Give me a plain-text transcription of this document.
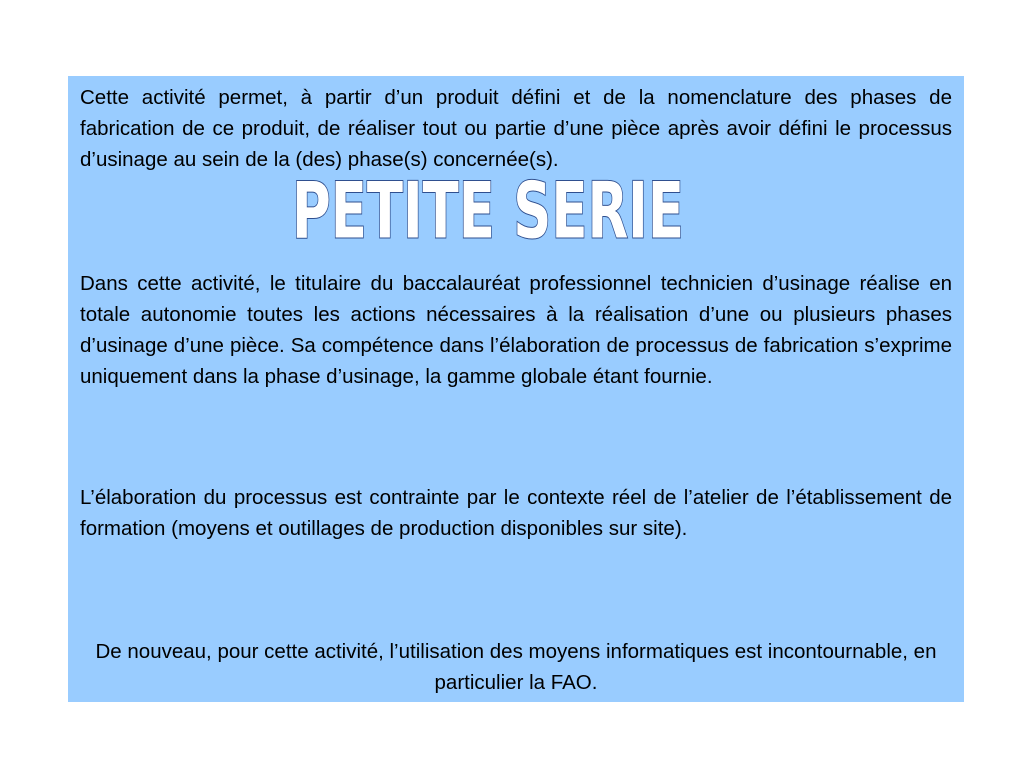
Cette activité permet, à partir d’un produit défini et de la nomenclature des phases de fabrication de ce produit, de réaliser tout ou partie d’une pièce après avoir défini le processus d’usinage au sein de la (des) phase(s) concernée(s).

Dans cette activité, le titulaire du baccalauréat professionnel technicien d’usinage réalise en totale autonomie toutes les actions nécessaires à la réalisation d’une ou plusieurs phases d’usinage d’une pièce. Sa compétence dans l’élaboration de processus de fabrication s’exprime uniquement dans la phase d’usinage, la gamme globale étant fournie.

L’élaboration du processus est contrainte par le contexte réel de l’atelier de l’établissement de formation (moyens et outillages de production disponibles sur site).

De nouveau, pour cette activité, l’utilisation des moyens informatiques est incontournable, en particulier la FAO.

PETITE SERIE
